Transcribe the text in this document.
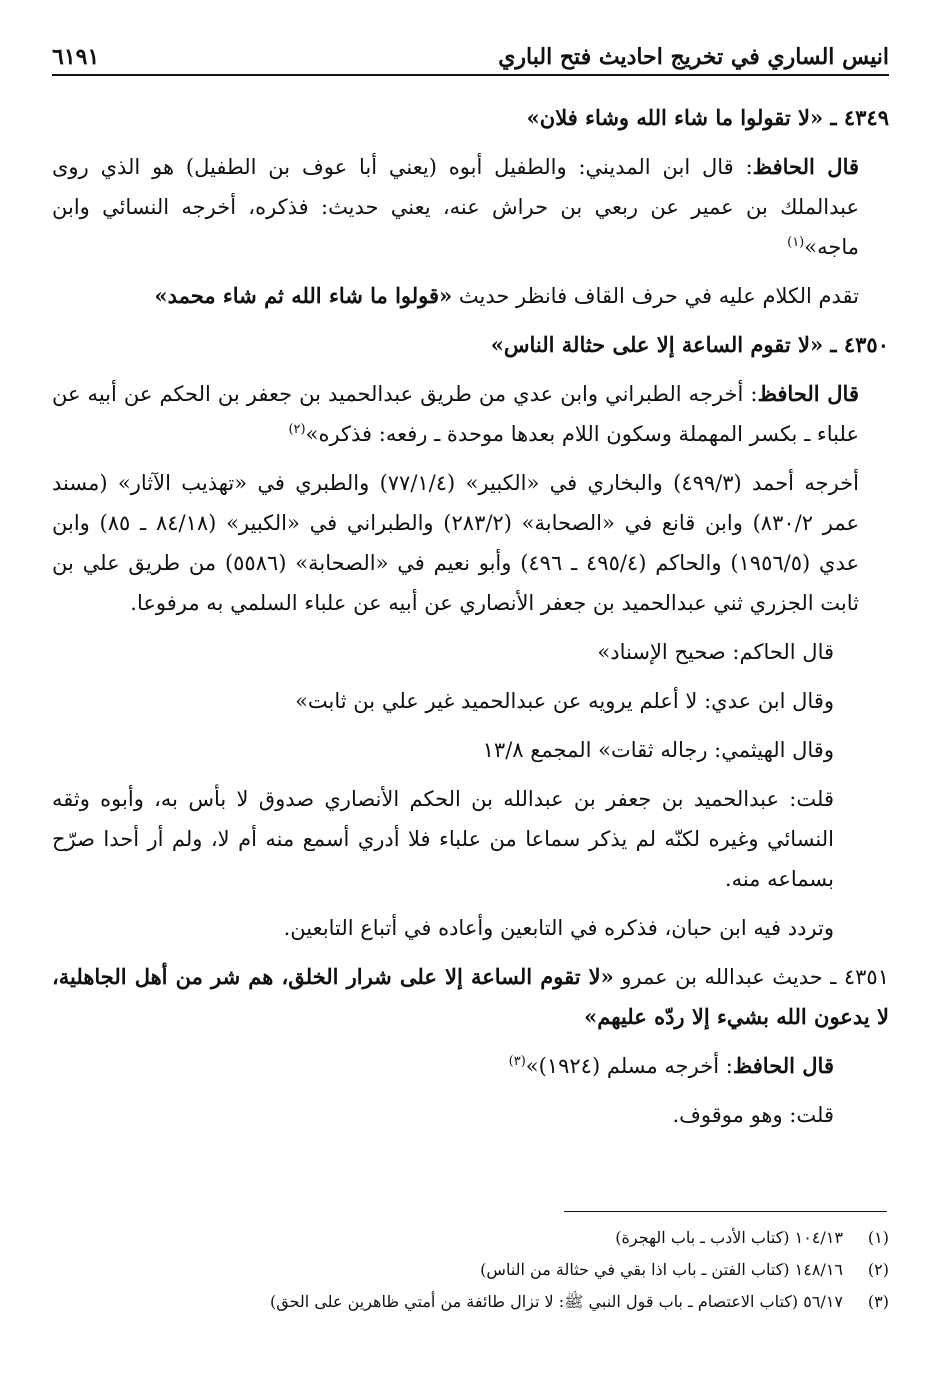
٦١٩١	انيس الساري في تخريج احاديث فتح الباري

٤٣٤٩ ـ «لا تقولوا ما شاء الله وشاء فلان»

قال الحافظ: قال ابن المديني: والطفيل أبوه (يعني أبا عوف بن الطفيل) هو الذي روى عبدالملك بن عمير عن ربعي بن حراش عنه، يعني حديث: فذكره، أخرجه النسائي وابن ماجه»$^{(١)}$

تقدم الكلام عليه في حرف القاف فانظر حديث «قولوا ما شاء الله ثم شاء محمد»

٤٣٥٠ ـ «لا تقوم الساعة إلا على حثالة الناس»

قال الحافظ: أخرجه الطبراني وابن عدي من طريق عبدالحميد بن جعفر بن الحكم عن أبيه عن علباء ـ بكسر المهملة وسكون اللام بعدها موحدة ـ رفعه: فذكره»$^{(٢)}$

أخرجه أحمد (٤٩٩/٣) والبخاري في «الكبير» (٧٧/١/٤) والطبري في «تهذيب الآثار» (مسند عمر ٨٣٠/٢) وابن قانع في «الصحابة» (٢٨٣/٢) والطبراني في «الكبير» (٨٤/١٨ ـ ٨٥) وابن عدي (١٩٥٦/٥) والحاكم (٤٩٥/٤ ـ ٤٩٦) وأبو نعيم في «الصحابة» (٥٥٨٦) من طريق علي بن ثابت الجزري ثني عبدالحميد بن جعفر الأنصاري عن أبيه عن علباء السلمي به مرفوعا.

قال الحاكم: صحيح الإسناد»

وقال ابن عدي: لا أعلم يرويه عن عبدالحميد غير علي بن ثابت»

وقال الهيثمي: رجاله ثقات» المجمع ١٣/٨

قلت: عبدالحميد بن جعفر بن عبدالله بن الحكم الأنصاري صدوق لا بأس به، وأبوه وثقه النسائي وغيره لكنّه لم يذكر سماعا من علباء فلا أدري أسمع منه أم لا، ولم أر أحدا صرّح بسماعه منه.

وتردد فيه ابن حبان، فذكره في التابعين وأعاده في أتباع التابعين.

٤٣٥١ ـ حديث عبدالله بن عمرو «لا تقوم الساعة إلا على شرار الخلق، هم شر من أهل الجاهلية، لا يدعون الله بشيء إلا ردّه عليهم»

قال الحافظ: أخرجه مسلم (١٩٢٤)»$^{(٣)}$

قلت: وهو موقوف.

(١)
١٠٤/١٣ (كتاب الأدب ـ باب الهجرة)
(٢)
١٤٨/١٦ (كتاب الفتن ـ باب اذا بقي في حثالة من الناس)
(٣)
٥٦/١٧ (كتاب الاعتصام ـ باب قول النبي ﷺ: لا تزال طائفة من أمتي ظاهرين على الحق)
